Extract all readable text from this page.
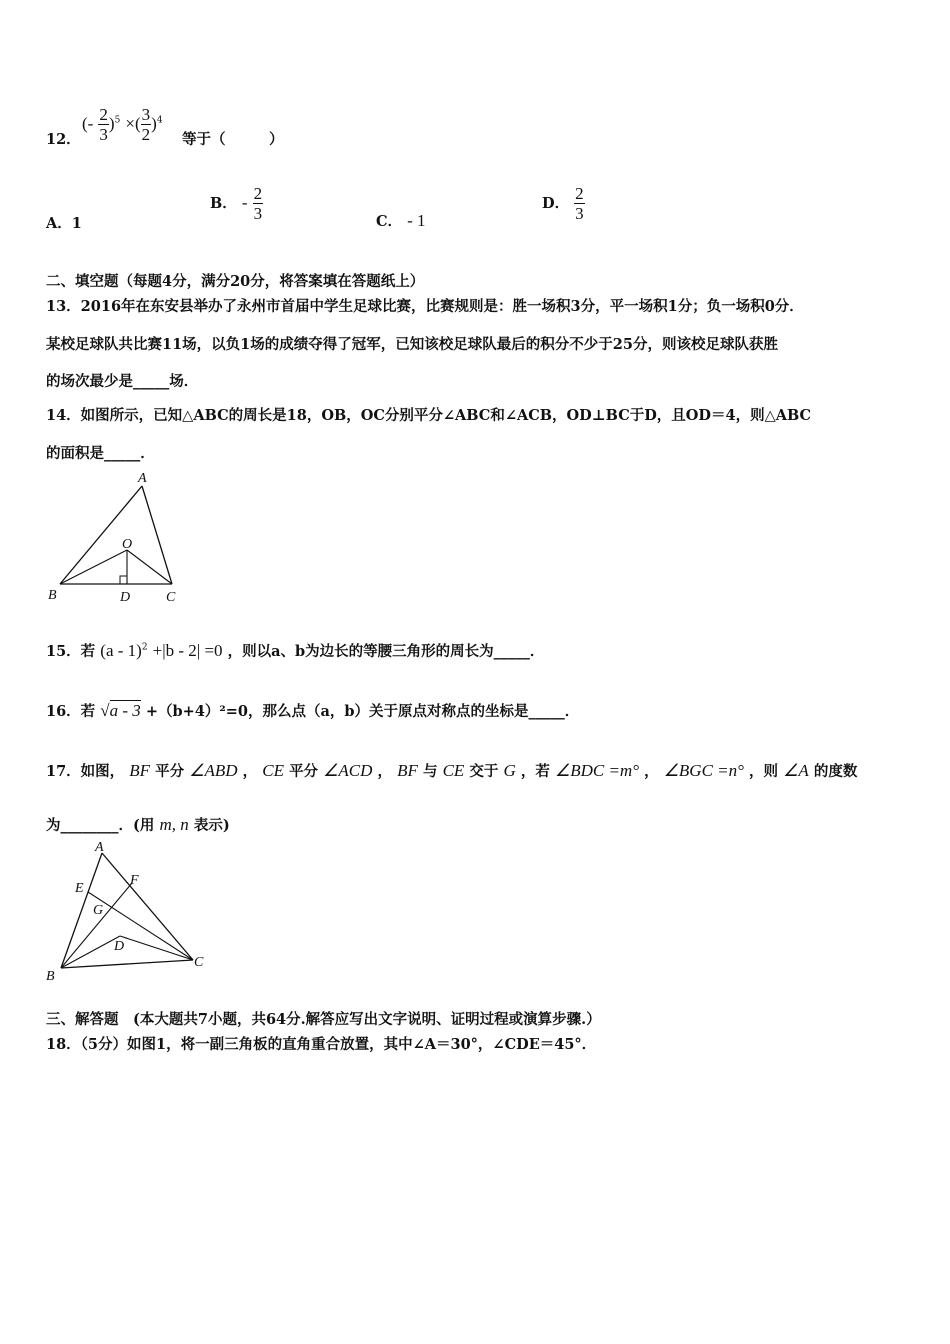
12．
(- $\frac{2}{3} )^5$ ×( $\frac{3}{2} )^4$
等于（　　　）
A．1
B． - $\frac{2}{3}$	C． - 1
D． $\frac{2}{3}$
二、填空题（每题4分，满分20分，将答案填在答题纸上）
13．2016年在东安县举办了永州市首届中学生足球比赛，比赛规则是：胜一场积3分，平一场积1分；负一场积0分．
某校足球队共比赛11场，以负1场的成绩夺得了冠军，已知该校足球队最后的积分不少于25分，则该校足球队获胜
的场次最少是_____场．
14．如图所示，已知△ABC的周长是18，OB，OC分别平分∠ABC和∠ACB，OD⊥BC于D，且OD＝4，则△ABC
的面积是_____．
A
O
B	D	C
15．若 (a - 1)$^2$ +|b - 2| =0 ，则以a、b为边长的等腰三角形的周长为_____．
16．若 √a - 3 +（b+4）²=0，那么点（a，b）关于原点对称点的坐标是_____．
17．如图， BF 平分 ∠ABD ， CE 平分 ∠ACD ， BF 与 CE 交于 G ，若 ∠BDC =m° ， ∠BGC =n° ，则 ∠A 的度数
为________．(用 m, n 表示)
A
E
F
G
D
B
C
三、解答题　(本大题共7小题，共64分.解答应写出文字说明、证明过程或演算步骤.）
18．（5分）如图1，将一副三角板的直角重合放置，其中∠A＝30°，∠CDE＝45°．
